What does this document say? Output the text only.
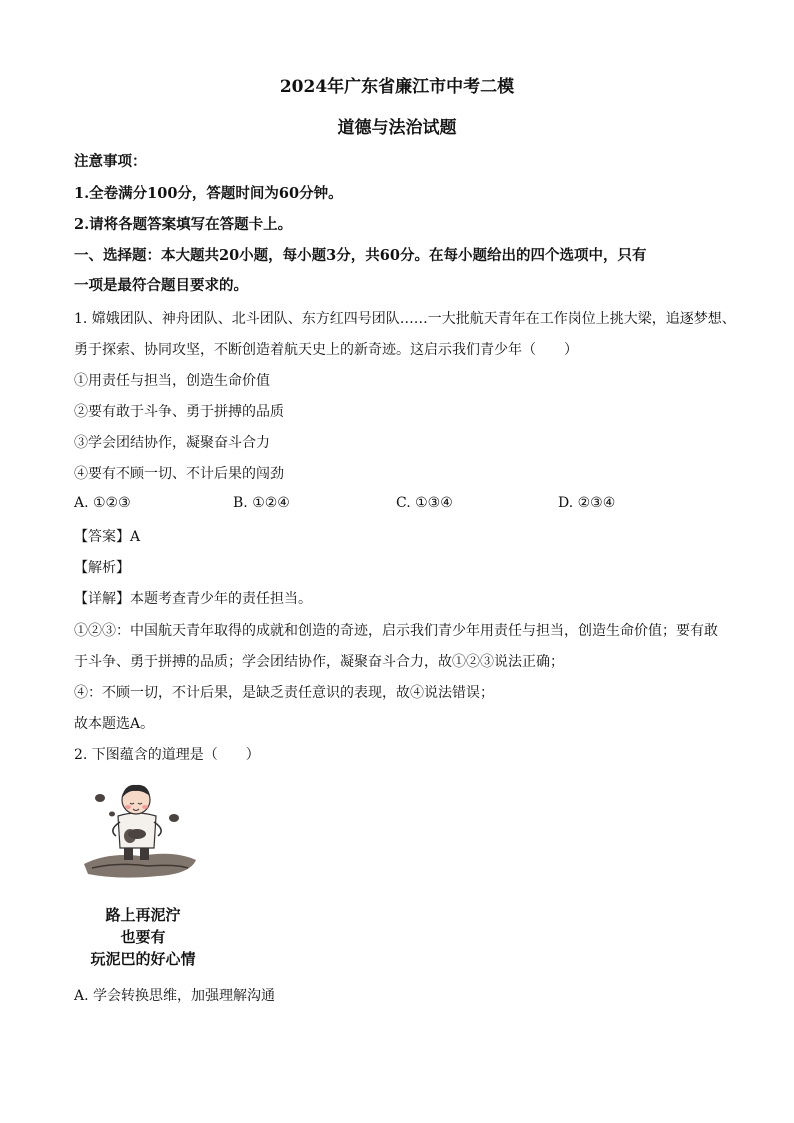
2024年广东省廉江市中考二模
道德与法治试题
注意事项：
1.全卷满分100分，答题时间为60分钟。
2.请将各题答案填写在答题卡上。
一、选择题：本大题共20小题，每小题3分，共60分。在每小题给出的四个选项中，只有
一项是最符合题目要求的。
1. 嫦娥团队、神舟团队、北斗团队、东方红四号团队……一大批航天青年在工作岗位上挑大梁，追逐梦想、
勇于探索、协同攻坚，不断创造着航天史上的新奇迹。这启示我们青少年（　　）
①用责任与担当，创造生命价值
②要有敢于斗争、勇于拼搏的品质
③学会团结协作，凝聚奋斗合力
④要有不顾一切、不计后果的闯劲
A. ①②③	B. ①②④	C. ①③④	D. ②③④
【答案】A
【解析】
【详解】本题考查青少年的责任担当。
①②③：中国航天青年取得的成就和创造的奇迹，启示我们青少年用责任与担当，创造生命价值；要有敢
于斗争、勇于拼搏的品质；学会团结协作，凝聚奋斗合力，故①②③说法正确；
④：不顾一切，不计后果，是缺乏责任意识的表现，故④说法错误；
故本题选A。
2. 下图蕴含的道理是（　　）
路上再泥泞
也要有
玩泥巴的好心情
A. 学会转换思维，加强理解沟通
